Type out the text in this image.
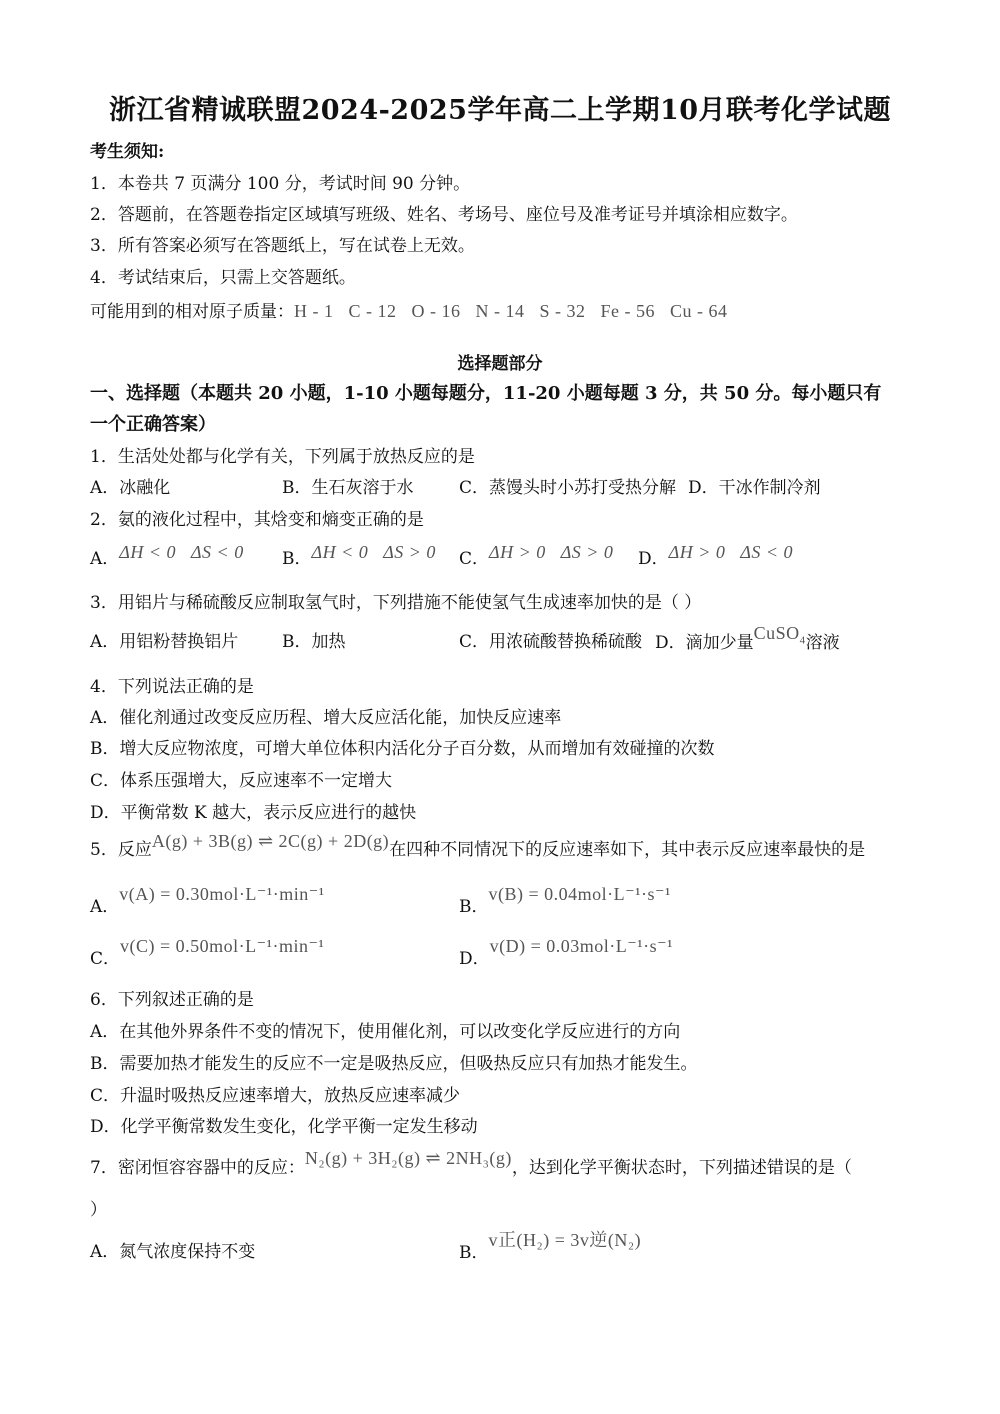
浙江省精诚联盟2024-2025学年高二上学期10月联考化学试题
考生须知:
1．本卷共 7 页满分 100 分，考试时间 90 分钟。
2．答题前，在答题卷指定区域填写班级、姓名、考场号、座位号及准考证号并填涂相应数字。
3．所有答案必须写在答题纸上，写在试卷上无效。
4．考试结束后，只需上交答题纸。
可能用到的相对原子质量：H - 1   C - 12   O - 16   N - 14   S - 32   Fe - 56   Cu - 64
选择题部分
一、选择题（本题共 20 小题，1-10 小题每题分，11-20 小题每题 3 分，共 50 分。每小题只有
一个正确答案）
1．生活处处都与化学有关，下列属于放热反应的是
A．冰融化	B．生石灰溶于水	C．蒸馒头时小苏打受热分解 D．干冰作制冷剂
2．氨的液化过程中，其焓变和熵变正确的是
A．ΔH < 0   ΔS < 0 B．ΔH < 0   ΔS > 0 C．ΔH > 0   ΔS > 0 D．ΔH > 0   ΔS < 0
3．用铝片与稀硫酸反应制取氢气时，下列措施不能使氢气生成速率加快的是（ ）
A．用铝粉替换铝片	B．加热	C．用浓硫酸替换稀硫酸 D．滴加少量CuSO$_4$溶液
4．下列说法正确的是
A．催化剂通过改变反应历程、增大反应活化能，加快反应速率
B．增大反应物浓度，可增大单位体积内活化分子百分数，从而增加有效碰撞的次数
C．体系压强增大，反应速率不一定增大
D．平衡常数 K 越大，表示反应进行的越快
5．反应A(g) + 3B(g) ⇌ 2C(g) + 2D(g)在四种不同情况下的反应速率如下，其中表示反应速率最快的是
A．v(A) = 0.30mol·L⁻¹·min⁻¹
B．v(B) = 0.04mol·L⁻¹·s⁻¹
C．v(C) = 0.50mol·L⁻¹·min⁻¹
D．v(D) = 0.03mol·L⁻¹·s⁻¹
6．下列叙述正确的是
A．在其他外界条件不变的情况下，使用催化剂，可以改变化学反应进行的方向
B．需要加热才能发生的反应不一定是吸热反应，但吸热反应只有加热才能发生。
C．升温时吸热反应速率增大，放热反应速率减少
D．化学平衡常数发生变化，化学平衡一定发生移动
7．密闭恒容容器中的反应：N₂(g) + 3H₂(g) ⇌ 2NH₃(g)，达到化学平衡状态时，下列描述错误的是（
）
A．氮气浓度保持不变	B．v正(H₂) = 3v逆(N₂)
